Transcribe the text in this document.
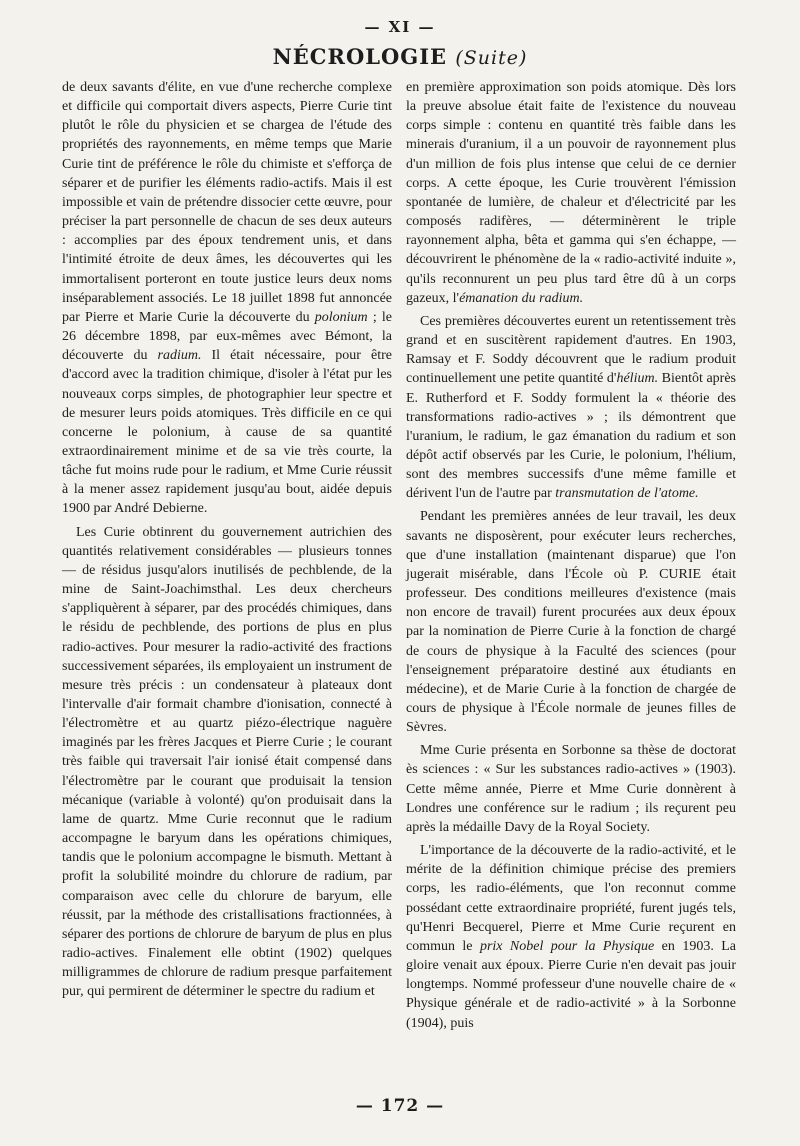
— XI —
NÉCROLOGIE (Suite)

de deux savants d'élite, en vue d'une recherche complexe et difficile qui comportait divers aspects, Pierre Curie tint plutôt le rôle du physicien et se chargea de l'étude des propriétés des rayonnements, en même temps que Marie Curie tint de préférence le rôle du chimiste et s'efforça de séparer et de purifier les éléments radio-actifs. Mais il est impossible et vain de prétendre dissocier cette œuvre, pour préciser la part personnelle de chacun de ses deux auteurs : accomplies par des époux tendrement unis, et dans l'intimité étroite de deux âmes, les découvertes qui les immortalisent porteront en toute justice leurs deux noms inséparablement associés. Le 18 juillet 1898 fut annoncée par Pierre et Marie Curie la découverte du polonium ; le 26 décembre 1898, par eux-mêmes avec Bémont, la découverte du radium. Il était nécessaire, pour être d'accord avec la tradition chimique, d'isoler à l'état pur les nouveaux corps simples, de photographier leur spectre et de mesurer leurs poids atomiques. Très difficile en ce qui concerne le polonium, à cause de sa quantité extraordinairement minime et de sa vie très courte, la tâche fut moins rude pour le radium, et Mme Curie réussit à la mener assez rapidement jusqu'au bout, aidée depuis 1900 par André Debierne.

Les Curie obtinrent du gouvernement autrichien des quantités relativement considérables — plusieurs tonnes — de résidus jusqu'alors inutilisés de pechblende, de la mine de Saint-Joachimsthal. Les deux chercheurs s'appliquèrent à séparer, par des procédés chimiques, dans le résidu de pechblende, des portions de plus en plus radio-actives. Pour mesurer la radio-activité des fractions successivement séparées, ils employaient un instrument de mesure très précis : un condensateur à plateaux dont l'intervalle d'air formait chambre d'ionisation, connecté à l'électromètre et au quartz piézo-électrique naguère imaginés par les frères Jacques et Pierre Curie ; le courant très faible qui traversait l'air ionisé était compensé dans l'électromètre par le courant que produisait la tension mécanique (variable à volonté) qu'on produisait dans la lame de quartz. Mme Curie reconnut que le radium accompagne le baryum dans les opérations chimiques, tandis que le polonium accompagne le bismuth. Mettant à profit la solubilité moindre du chlorure de radium, par comparaison avec celle du chlorure de baryum, elle réussit, par la méthode des cristallisations fractionnées, à séparer des portions de chlorure de baryum de plus en plus radio-actives. Finalement elle obtint (1902) quelques milligrammes de chlorure de radium presque parfaitement pur, qui permirent de déterminer le spectre du radium et

en première approximation son poids atomique. Dès lors la preuve absolue était faite de l'existence du nouveau corps simple : contenu en quantité très faible dans les minerais d'uranium, il a un pouvoir de rayonnement plus d'un million de fois plus intense que celui de ce dernier corps. A cette époque, les Curie trouvèrent l'émission spontanée de lumière, de chaleur et d'électricité par les composés radifères, — déterminèrent le triple rayonnement alpha, bêta et gamma qui s'en échappe, — découvrirent le phénomène de la « radio-activité induite », qu'ils reconnurent un peu plus tard être dû à un corps gazeux, l'émanation du radium.

Ces premières découvertes eurent un retentissement très grand et en suscitèrent rapidement d'autres. En 1903, Ramsay et F. Soddy découvrent que le radium produit continuellement une petite quantité d'hélium. Bientôt après E. Rutherford et F. Soddy formulent la « théorie des transformations radio-actives » ; ils démontrent que l'uranium, le radium, le gaz émanation du radium et son dépôt actif observés par les Curie, le polonium, l'hélium, sont des membres successifs d'une même famille et dérivent l'un de l'autre par transmutation de l'atome.

Pendant les premières années de leur travail, les deux savants ne disposèrent, pour exécuter leurs recherches, que d'une installation (maintenant disparue) que l'on jugerait misérable, dans l'École où P. CURIE était professeur. Des conditions meilleures d'existence (mais non encore de travail) furent procurées aux deux époux par la nomination de Pierre Curie à la fonction de chargé de cours de physique à la Faculté des sciences (pour l'enseignement préparatoire destiné aux étudiants en médecine), et de Marie Curie à la fonction de chargée de cours de physique à l'École normale de jeunes filles de Sèvres.

Mme Curie présenta en Sorbonne sa thèse de doctorat ès sciences : « Sur les substances radio-actives » (1903). Cette même année, Pierre et Mme Curie donnèrent à Londres une conférence sur le radium ; ils reçurent peu après la médaille Davy de la Royal Society.

L'importance de la découverte de la radio-activité, et le mérite de la définition chimique précise des premiers corps, les radio-éléments, que l'on reconnut comme possédant cette extraordinaire propriété, furent jugés tels, qu'Henri Becquerel, Pierre et Mme Curie reçurent en commun le prix Nobel pour la Physique en 1903. La gloire venait aux époux. Pierre Curie n'en devait pas jouir longtemps. Nommé professeur d'une nouvelle chaire de « Physique générale et de radio-activité » à la Sorbonne (1904), puis

— 172 —
